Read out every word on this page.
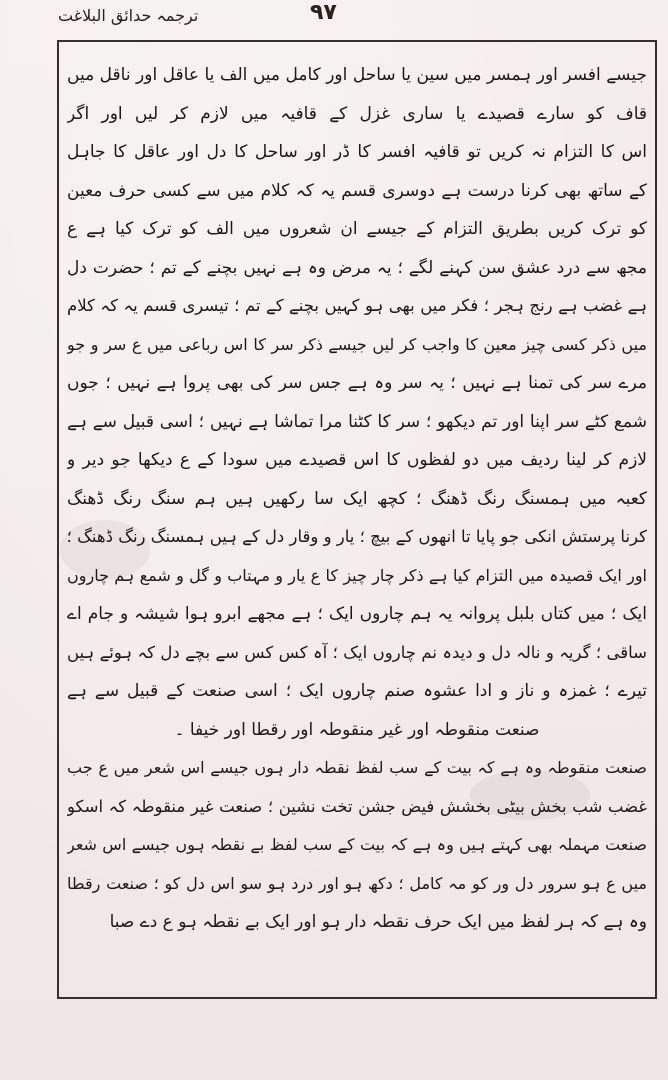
ترجمہ حدائق البلاغت	۹۷
جیسے افسر اور ہمسر میں سین یا ساحل اور کامل میں الف یا عاقل اور ناقل میں
قاف کو سارے قصیدے یا ساری غزل کے قافیہ میں لازم کر لیں اور اگر
اس کا التزام نہ کریں تو قافیہ افسر کا ڈر اور ساحل کا دل اور عاقل کا جاہل
کے ساتھ بھی کرنا درست ہے دوسری قسم یہ کہ کلام میں سے کسی حرف معین
کو ترک کریں بطریق التزام کے جیسے ان شعروں میں الف کو ترک کیا ہے ع
مجھ سے درد عشق سن کہنے لگے ؛ یہ مرض وہ ہے نہیں بچنے کے تم ؛ حضرت دل
ہے غضب ہے رنج ہجر ؛ فکر میں بھی ہو کہیں بچنے کے تم ؛ تیسری قسم یہ کہ کلام
میں ذکر کسی چیز معین کا واجب کر لیں جیسے ذکر سر کا اس رباعی میں ع سر و جو
مرے سر کی تمنا ہے نہیں ؛ یہ سر وہ ہے جس سر کی بھی پروا ہے نہیں ؛ جوں
شمع کٹے سر اپنا اور تم دیکھو ؛ سر کا کٹنا مرا تماشا ہے نہیں ؛ اسی قبیل سے ہے
لازم کر لینا ردیف میں دو لفظوں کا اس قصیدے میں سودا کے ع دیکھا جو دیر و
کعبہ میں ہمسنگ رنگ ڈھنگ ؛ کچھ ایک سا رکھیں ہیں ہم سنگ رنگ ڈھنگ
کرنا پرستش انکی جو پایا تا انھوں کے بیچ ؛ یار و وقار دل کے ہیں ہمسنگ رنگ ڈھنگ ؛
اور ایک قصیدہ میں التزام کیا ہے ذکر چار چیز کا ع یار و مہتاب و گل و شمع ہم چاروں
ایک ؛ میں کتاں بلبل پروانہ یہ ہم چاروں ایک ؛ ہے مجھے ابرو ہوا شیشہ و جام اے
ساقی ؛ گریہ و نالہ دل و دیدہ نم چاروں ایک ؛ آہ کس کس سے بچے دل کہ ہوئے ہیں
تیرے ؛ غمزہ و ناز و ادا عشوہ صنم چاروں ایک ؛ اسی صنعت کے قبیل سے ہے
صنعت منقوطہ اور غیر منقوطہ اور رقطا اور خیفا ۔
صنعت منقوطہ وہ ہے کہ بیت کے سب لفظ نقطہ دار ہوں جیسے اس شعر میں ع جب
غضب شب بخش بیٹی بخشش فیض جشن تخت نشین ؛ صنعت غیر منقوطہ کہ اسکو
صنعت مہملہ بھی کہتے ہیں وہ ہے کہ بیت کے سب لفظ بے نقطہ ہوں جیسے اس شعر
میں ع ہو سرور دل ور کو مہ کامل ؛ دکھ ہو اور درد ہو سو اس دل کو ؛ صنعت رقطا
وہ ہے کہ ہر لفظ میں ایک حرف نقطہ دار ہو اور ایک بے نقطہ ہو ع دے صبا
